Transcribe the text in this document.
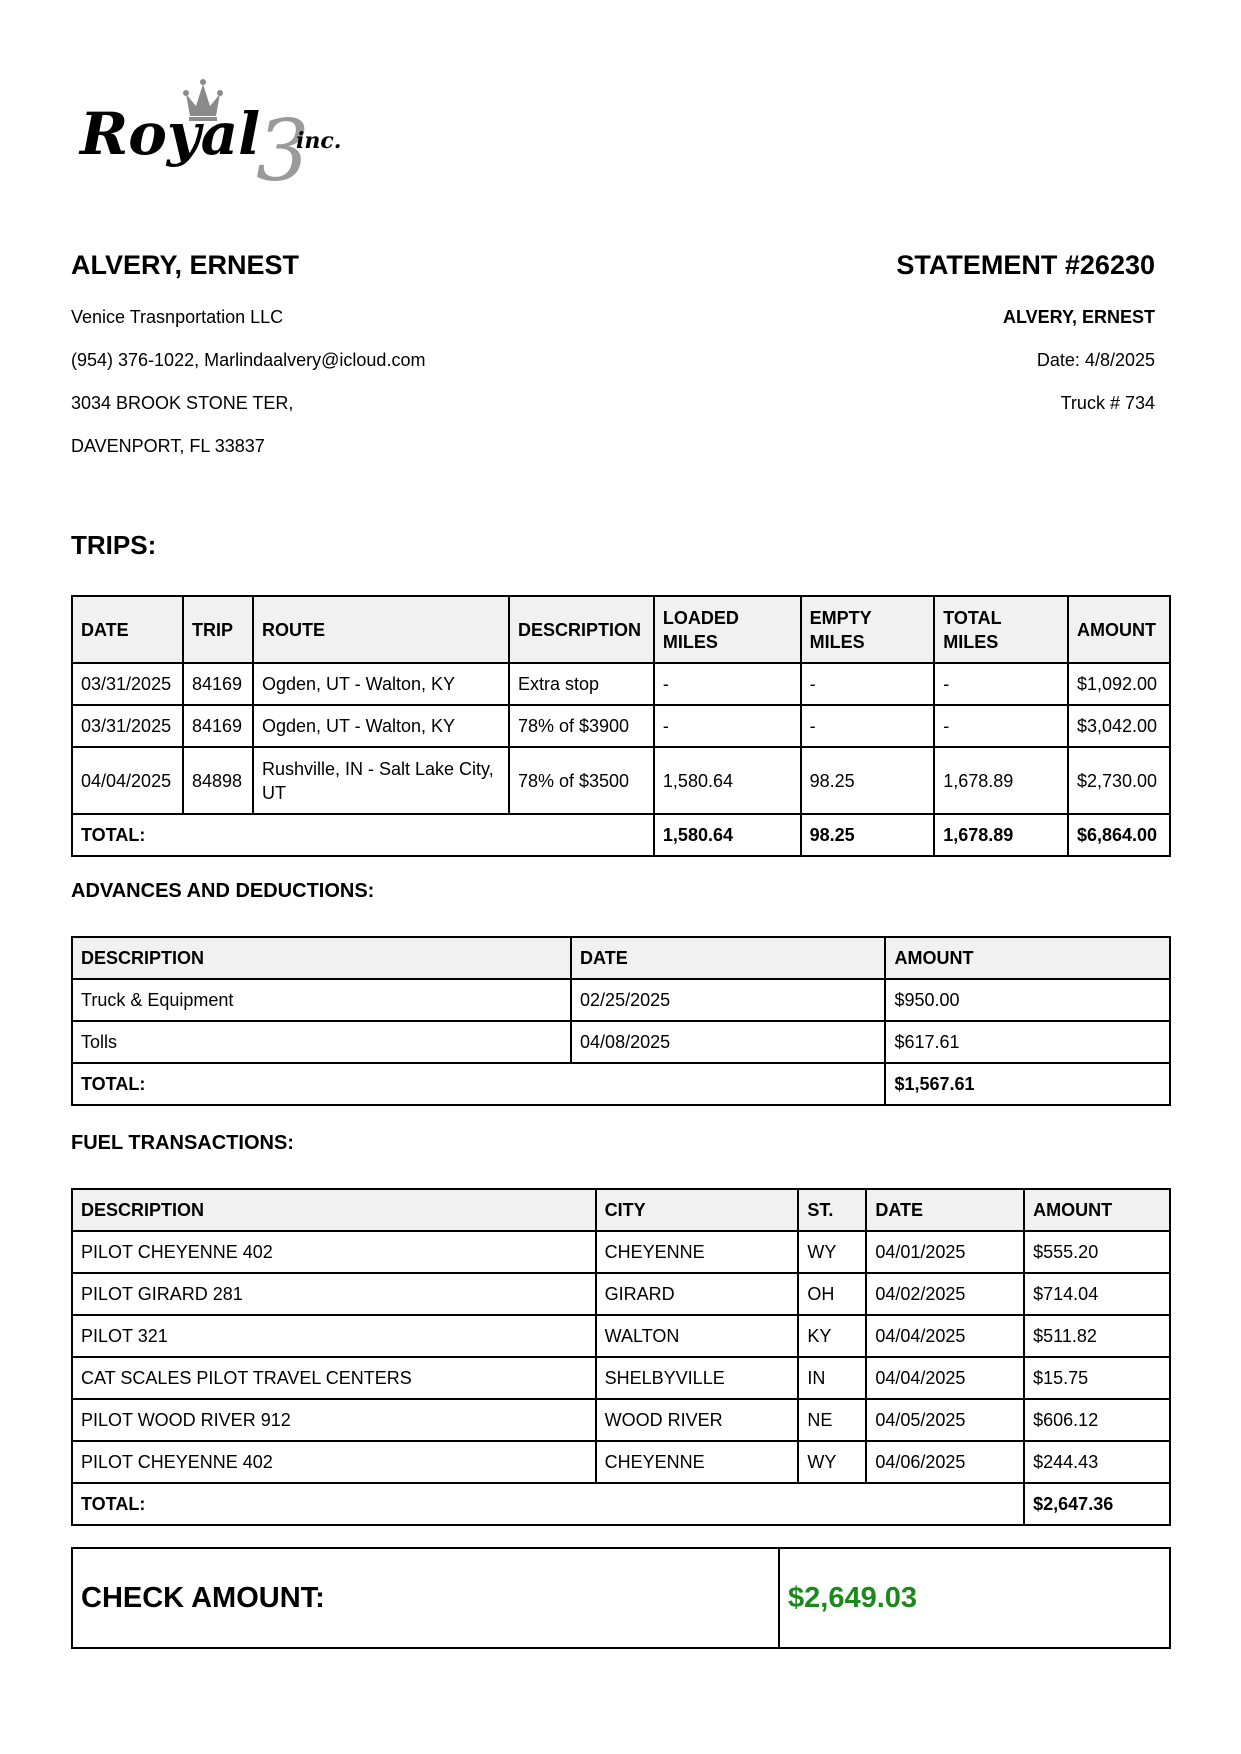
3
Royal inc.
ALVERY, ERNEST
Venice Trasnportation LLC
(954) 376-1022, Marlindaalvery@icloud.com
3034 BROOK STONE TER,
DAVENPORT, FL 33837
STATEMENT #26230
ALVERY, ERNEST
Date: 4/8/2025
Truck # 734
TRIPS:
DATE	TRIP	ROUTE	DESCRIPTION	LOADED MILES	EMPTY MILES	TOTAL MILES	AMOUNT
03/31/2025	84169	Ogden, UT - Walton, KY	Extra stop	-	-	-	$1,092.00
03/31/2025	84169	Ogden, UT - Walton, KY	78% of $3900	-	-	-	$3,042.00
04/04/2025	84898	Rushville, IN - Salt Lake City, UT	78% of $3500	1,580.64	98.25	1,678.89	$2,730.00
TOTAL:				1,580.64	98.25	1,678.89	$6,864.00
ADVANCES AND DEDUCTIONS:
DESCRIPTION	DATE	AMOUNT
Truck & Equipment	02/25/2025	$950.00
Tolls	04/08/2025	$617.61
TOTAL:		$1,567.61
FUEL TRANSACTIONS:
DESCRIPTION	CITY	ST.	DATE	AMOUNT
PILOT CHEYENNE 402	CHEYENNE	WY	04/01/2025	$555.20
PILOT GIRARD 281	GIRARD	OH	04/02/2025	$714.04
PILOT 321	WALTON	KY	04/04/2025	$511.82
CAT SCALES PILOT TRAVEL CENTERS	SHELBYVILLE	IN	04/04/2025	$15.75
PILOT WOOD RIVER 912	WOOD RIVER	NE	04/05/2025	$606.12
PILOT CHEYENNE 402	CHEYENNE	WY	04/06/2025	$244.43
TOTAL:				$2,647.36
CHECK AMOUNT:	$2,649.03
